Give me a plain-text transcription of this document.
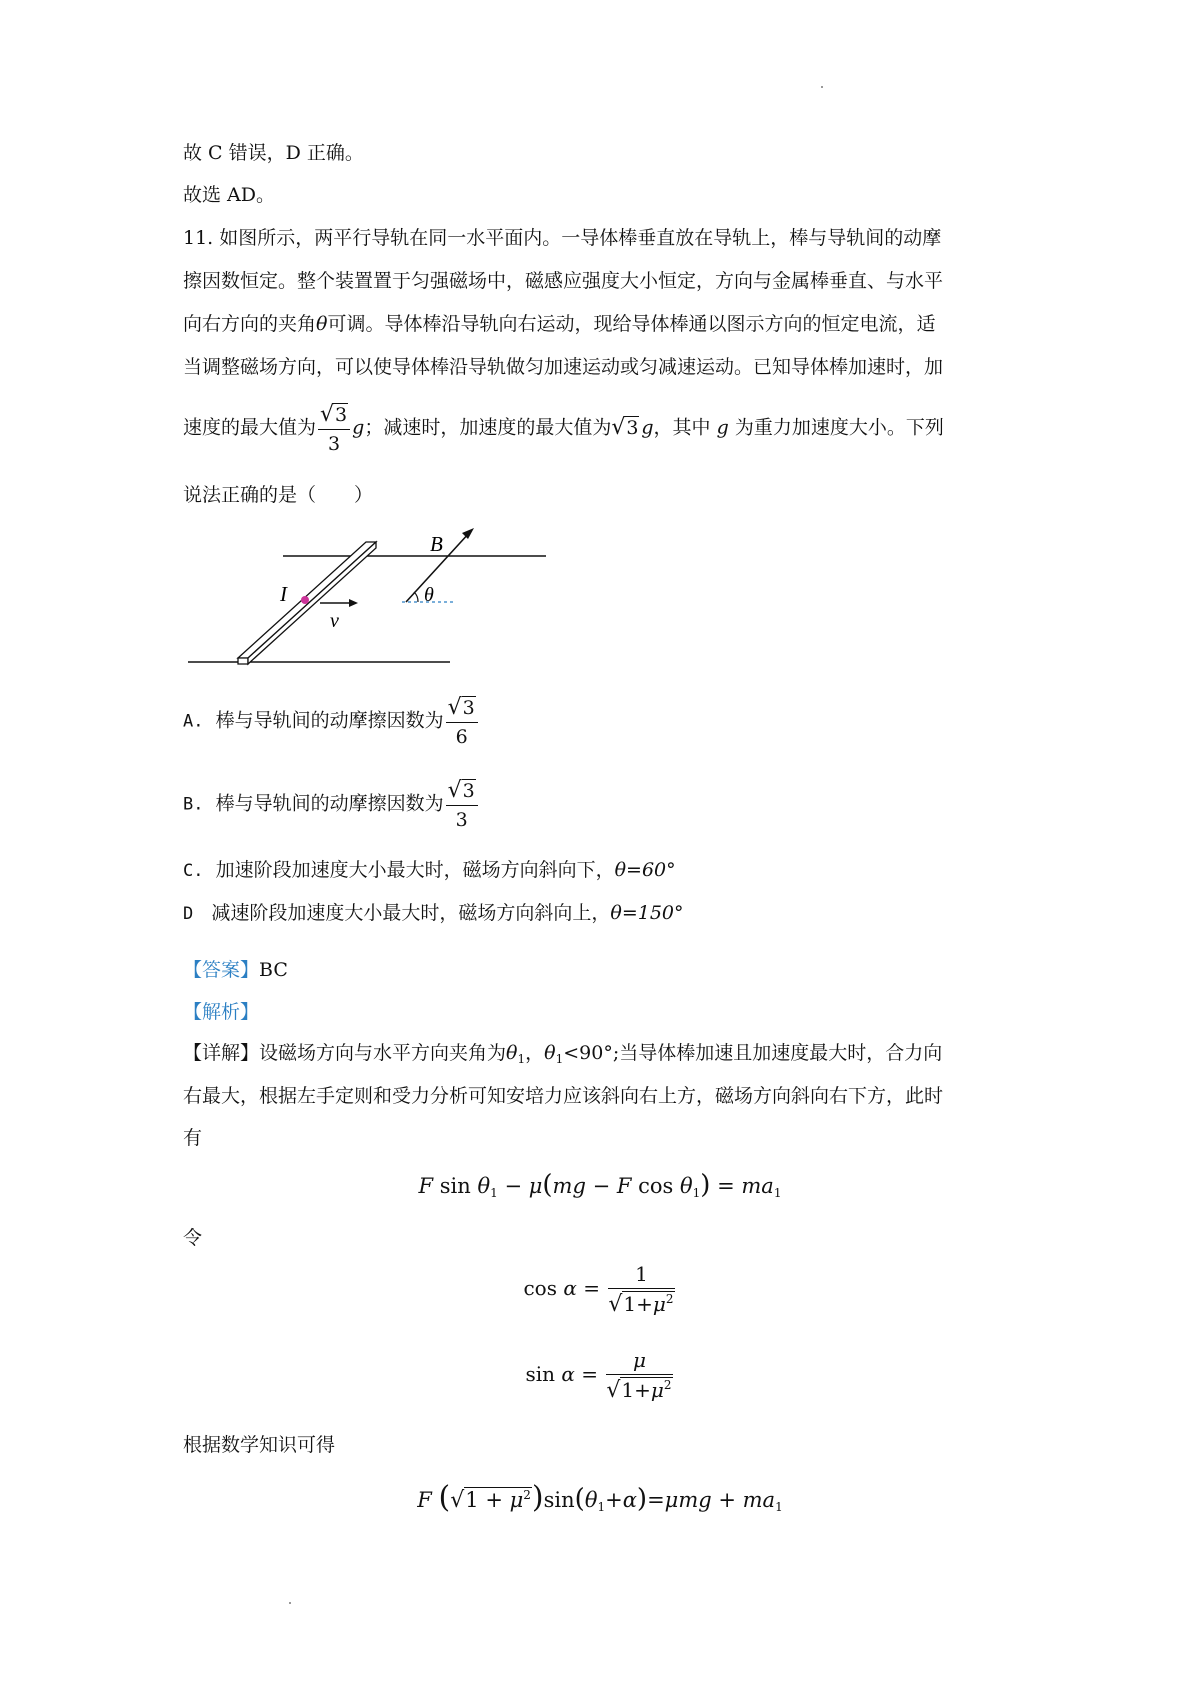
故 C 错误，D 正确。
故选 AD。
11. 如图所示，两平行导轨在同一水平面内。一导体棒垂直放在导轨上，棒与导轨间的动摩
擦因数恒定。整个装置置于匀强磁场中，磁感应强度大小恒定，方向与金属棒垂直、与水平
向右方向的夹角θ可调。导体棒沿导轨向右运动，现给导体棒通以图示方向的恒定电流，适
当调整磁场方向，可以使导体棒沿导轨做匀加速运动或匀减速运动。已知导体棒加速时，加
速度的最大值为 $\frac{√3}{3}$ g；减速时，加速度的最大值为√3  g，其中 g 为重力加速度大小。下列
说法正确的是（　　）
B
θ
I
v
A. 棒与导轨间的动摩擦因数为 $\frac{√3}{6}$
B. 棒与导轨间的动摩擦因数为 $\frac{√3}{3}$
C. 加速阶段加速度大小最大时，磁场方向斜向下，θ=60°
D 减速阶段加速度大小最大时，磁场方向斜向上，θ=150°
【答案】BC
【解析】
【详解】设磁场方向与水平方向夹角为$\theta_1$，$\theta_1<90^\circ$;当导体棒加速且加速度最大时，合力向
右最大，根据左手定则和受力分析可知安培力应该斜向右上方，磁场方向斜向右下方，此时
有
F $\sin \theta_1 - \mu(mg - F$ $\cos \theta_1) = ma_1$
令
$\cos \alpha = \frac{1}{√1+\mu^2}$
$\sin \alpha = \frac{\mu}{√1+\mu^2}$
根据数学知识可得
F $(√1 + \mu^2)\sin(\theta_1+\alpha)=\mu mg + ma_1$
